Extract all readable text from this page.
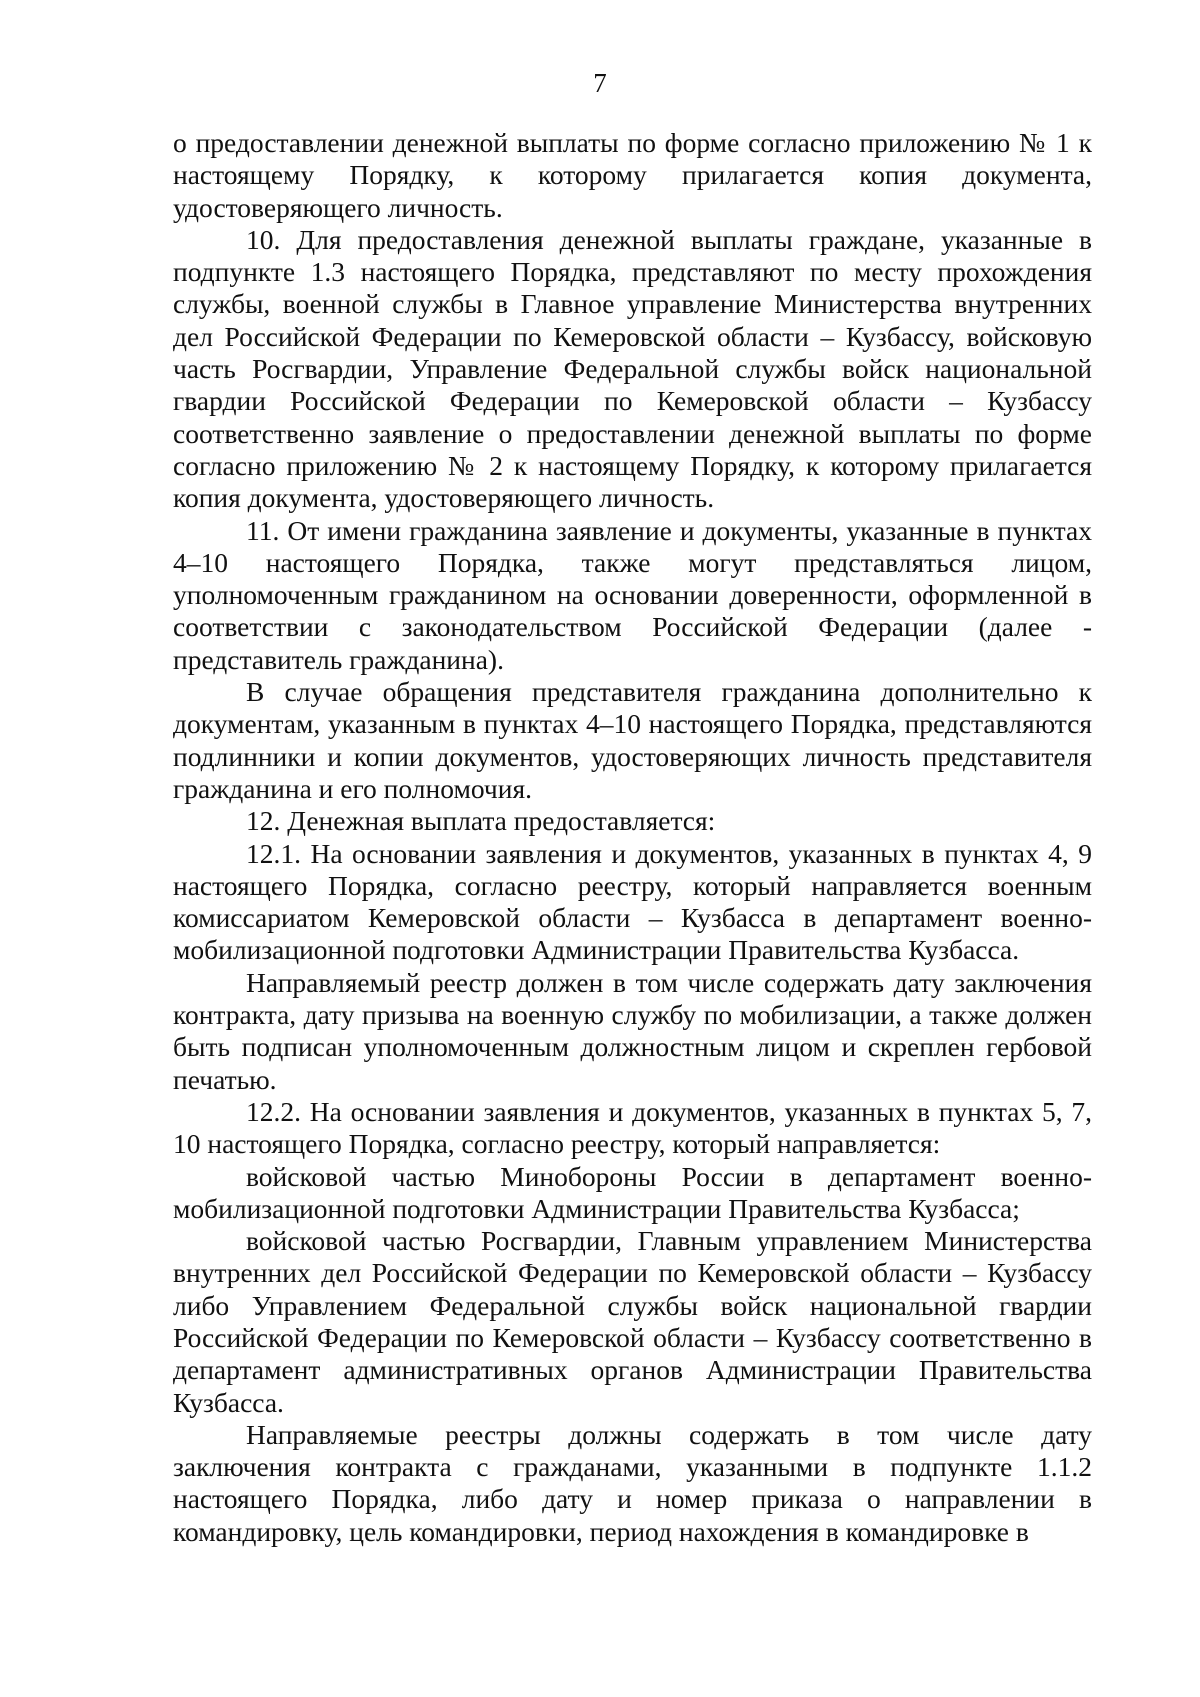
7

о предоставлении денежной выплаты по форме согласно приложению № 1 к настоящему Порядку, к которому прилагается копия документа, удостоверяющего личность.

10. Для предоставления денежной выплаты граждане, указанные в подпункте 1.3 настоящего Порядка, представляют по месту прохождения службы, военной службы в Главное управление Министерства внутренних дел Российской Федерации по Кемеровской области – Кузбассу, войсковую часть Росгвардии, Управление Федеральной службы войск национальной гвардии Российской Федерации по Кемеровской области – Кузбассу соответственно заявление о предоставлении денежной выплаты по форме согласно приложению № 2 к настоящему Порядку, к которому прилагается копия документа, удостоверяющего личность.

11. От имени гражданина заявление и документы, указанные в пунктах 4–10 настоящего Порядка, также могут представляться лицом, уполномоченным гражданином на основании доверенности, оформленной в соответствии с законодательством Российской Федерации (далее - представитель гражданина).

В случае обращения представителя гражданина дополнительно к документам, указанным в пунктах 4–10 настоящего Порядка, представляются подлинники и копии документов, удостоверяющих личность представителя гражданина и его полномочия.

12. Денежная выплата предоставляется:

12.1. На основании заявления и документов, указанных в пунктах 4, 9 настоящего Порядка, согласно реестру, который направляется военным комиссариатом Кемеровской области – Кузбасса в департамент военно-мобилизационной подготовки Администрации Правительства Кузбасса.

Направляемый реестр должен в том числе содержать дату заключения контракта, дату призыва на военную службу по мобилизации, а также должен быть подписан уполномоченным должностным лицом и скреплен гербовой печатью.

12.2. На основании заявления и документов, указанных в пунктах 5, 7, 10 настоящего Порядка, согласно реестру, который направляется:

войсковой частью Минобороны России в департамент военно-мобилизационной подготовки Администрации Правительства Кузбасса;

войсковой частью Росгвардии, Главным управлением Министерства внутренних дел Российской Федерации по Кемеровской области – Кузбассу либо Управлением Федеральной службы войск национальной гвардии Российской Федерации по Кемеровской области – Кузбассу соответственно в департамент административных органов Администрации Правительства Кузбасса.

Направляемые реестры должны содержать в том числе дату заключения контракта с гражданами, указанными в подпункте 1.1.2 настоящего Порядка, либо дату и номер приказа о направлении в командировку, цель командировки, период нахождения в командировке в
